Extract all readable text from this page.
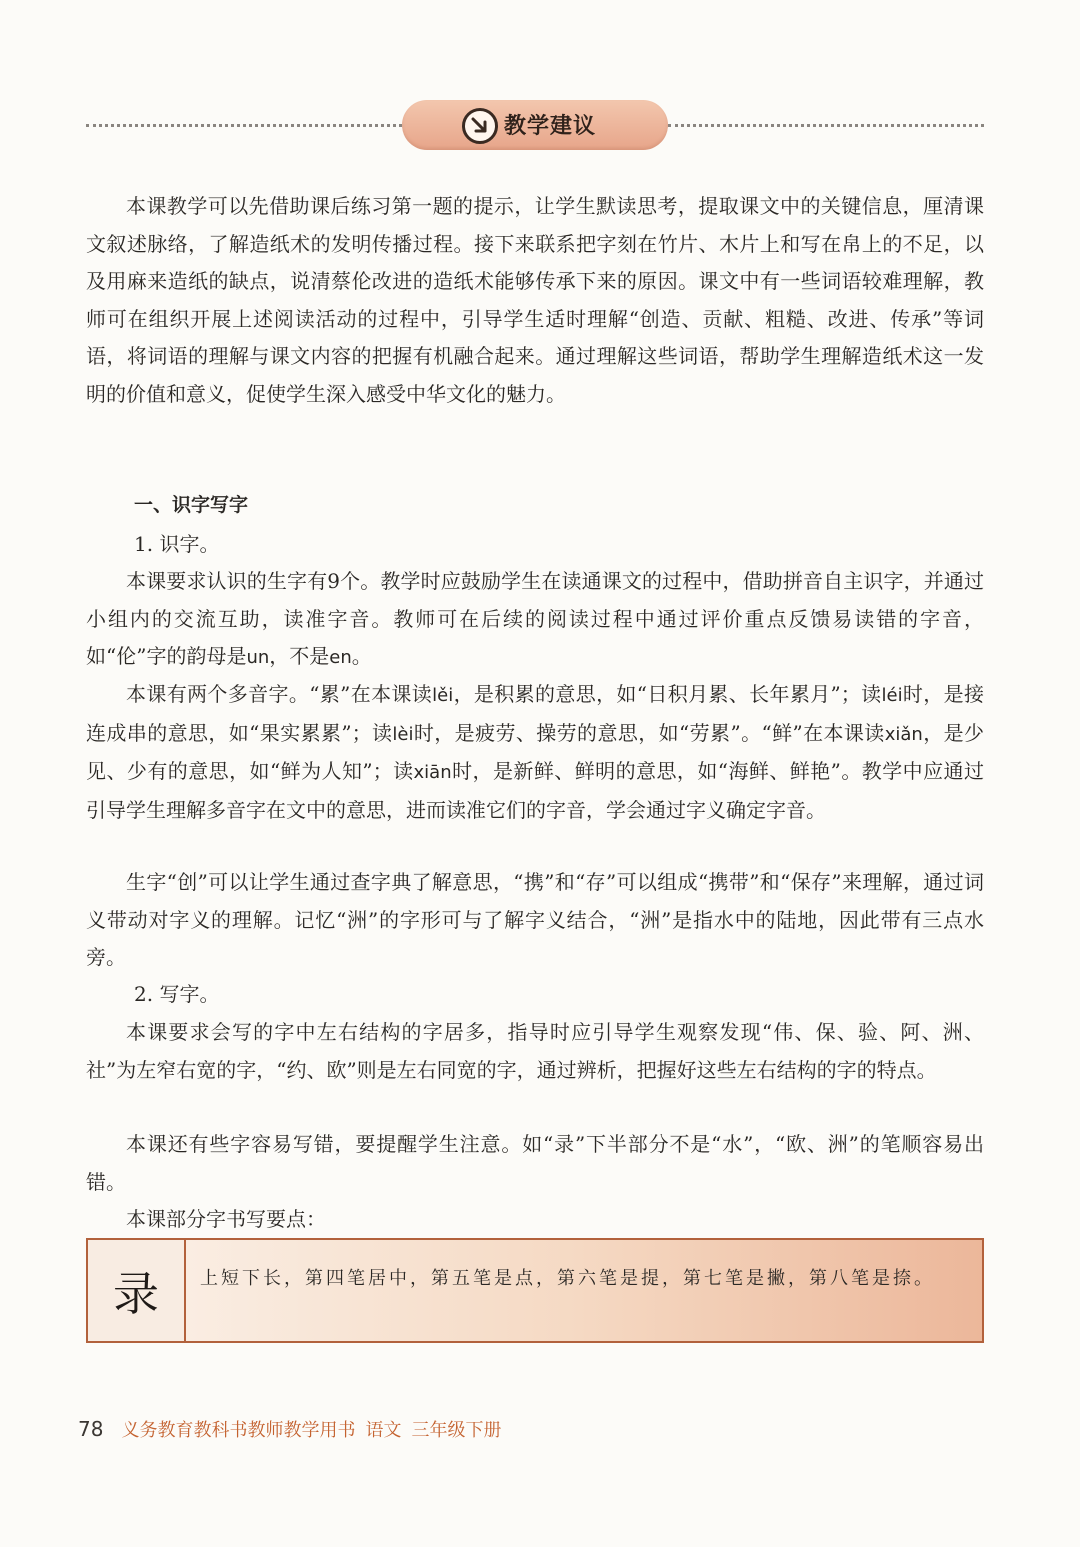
教学建议

本课教学可以先借助课后练习第一题的提示，让学生默读思考，提取课文中的关键信息，厘清课文叙述脉络，了解造纸术的发明传播过程。接下来联系把字刻在竹片、木片上和写在帛上的不足，以及用麻来造纸的缺点，说清蔡伦改进的造纸术能够传承下来的原因。课文中有一些词语较难理解，教师可在组织开展上述阅读活动的过程中，引导学生适时理解“创造、贡献、粗糙、改进、传承”等词语，将词语的理解与课文内容的把握有机融合起来。通过理解这些词语，帮助学生理解造纸术这一发明的价值和意义，促使学生深入感受中华文化的魅力。

一、识字写字
1. 识字。

本课要求认识的生字有9个。教学时应鼓励学生在读通课文的过程中，借助拼音自主识字，并通过小组内的交流互助，读准字音。教师可在后续的阅读过程中通过评价重点反馈易读错的字音，如“伦”字的韵母是un，不是en。

本课有两个多音字。“累”在本课读lěi，是积累的意思，如“日积月累、长年累月”；读léi时，是接连成串的意思，如“果实累累”；读lèi时，是疲劳、操劳的意思，如“劳累”。“鲜”在本课读xiǎn，是少见、少有的意思，如“鲜为人知”；读xiān时，是新鲜、鲜明的意思，如“海鲜、鲜艳”。教学中应通过引导学生理解多音字在文中的意思，进而读准它们的字音，学会通过字义确定字音。

生字“创”可以让学生通过查字典了解意思，“携”和“存”可以组成“携带”和“保存”来理解，通过词义带动对字义的理解。记忆“洲”的字形可与了解字义结合，“洲”是指水中的陆地，因此带有三点水旁。

2. 写字。

本课要求会写的字中左右结构的字居多，指导时应引导学生观察发现“伟、保、验、阿、洲、社”为左窄右宽的字，“约、欧”则是左右同宽的字，通过辨析，把握好这些左右结构的字的特点。

本课还有些字容易写错，要提醒学生注意。如“录”下半部分不是“水”，“欧、洲”的笔顺容易出错。

本课部分字书写要点：

录	上短下长，第四笔居中，第五笔是点，第六笔是提，第七笔是撇，第八笔是捺。

78 义务教育教科书教师教学用书 语文 三年级下册
